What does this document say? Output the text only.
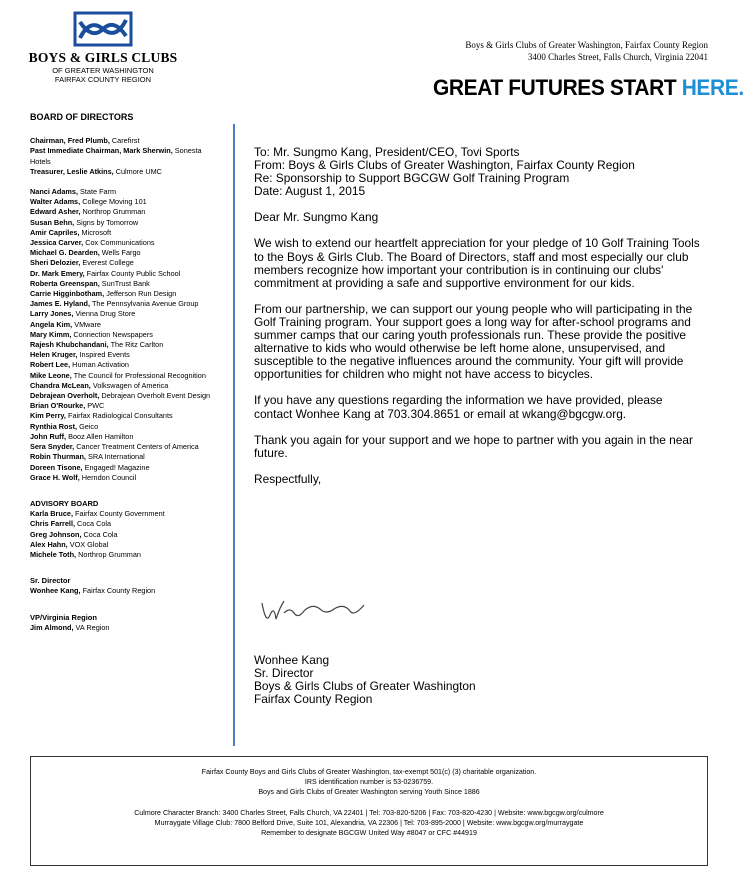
BOYS & GIRLS CLUBS
OF GREATER WASHINGTON
FAIRFAX COUNTY REGION
Boys & Girls Clubs of Greater Washington, Fairfax County Region
3400 Charles Street, Falls Church, Virginia 22041
GREAT FUTURES START HERE.
BOARD OF DIRECTORS
Chairman, Fred Plumb, Carefirst
Past Immediate Chairman, Mark Sherwin, Sonesta Hotels
Treasurer, Leslie Atkins, Culmore UMC
Nanci Adams, State Farm
Walter Adams, College Moving 101
Edward Asher, Northrop Grumman
Susan Behn, Signs by Tomorrow
Amir Capriles, Microsoft
Jessica Carver, Cox Communications
Michael G. Dearden, Wells Fargo
Sheri Delozier, Everest College
Dr. Mark Emery, Fairfax County Public School
Roberta Greenspan, SunTrust Bank
Carrie Higginbotham, Jefferson Run Design
James E. Hyland, The Pennsylvania Avenue Group
Larry Jones, Vienna Drug Store
Angela Kim, VMware
Mary Kimm, Connection Newspapers
Rajesh Khubchandani, The Ritz Carlton
Helen Kruger, Inspired Events
Robert Lee, Human Activation
Mike Leone, The Council for Professional Recognition
Chandra McLean, Volkswagen of America
Debrajean Overholt, Debrajean Overholt Event Design
Brian O'Rourke, PWC
Kim Perry, Fairfax Radiological Consultants
Rynthia Rost, Geico
John Ruff, Booz Allen Hamilton
Sera Snyder, Cancer Treatment Centers of America
Robin Thurman, SRA International
Doreen Tisone, Engaged! Magazine
Grace H. Wolf, Herndon Council
ADVISORY BOARD
Karla Bruce, Fairfax County Government
Chris Farrell, Coca Cola
Greg Johnson, Coca Cola
Alex Hahn, VOX Global
Michele Toth, Northrop Grumman
Sr. Director
Wonhee Kang, Fairfax County Region
VP/Virginia Region
Jim Almond, VA Region
To: Mr. Sungmo Kang, President/CEO, Tovi Sports
From: Boys & Girls Clubs of Greater Washington, Fairfax County Region
Re: Sponsorship to Support BGCGW Golf Training Program
Date: August 1, 2015

Dear Mr. Sungmo Kang

We wish to extend our heartfelt appreciation for your pledge of 10 Golf Training Tools to the Boys & Girls Club. The Board of Directors, staff and most especially our club members recognize how important your contribution is in continuing our clubs' commitment at providing a safe and supportive environment for our kids.

From our partnership, we can support our young people who will participating in the Golf Training program. Your support goes a long way for after-school programs and summer camps that our caring youth professionals run. These provide the positive alternative to kids who would otherwise be left home alone, unsupervised, and susceptible to the negative influences around the community. Your gift will provide opportunities for children who might not have access to bicycles.

If you have any questions regarding the information we have provided, please contact Wonhee Kang at 703.304.8651 or email at wkang@bgcgw.org.

Thank you again for your support and we hope to partner with you again in the near future.

Respectfully,

Wonhee Kang
Sr. Director
Boys & Girls Clubs of Greater Washington
Fairfax County Region
Fairfax County Boys and Girls Clubs of Greater Washington, tax-exempt 501(c) (3) charitable organization.
IRS identification number is 53-0236759.
Boys and Girls Clubs of Greater Washington serving Youth Since 1886
Culmore Character Branch: 3400 Charles Street, Falls Church, VA 22401 | Tel: 703-820-5206 | Fax: 703-820-4230 | Website: www.bgcgw.org/culmore
Murraygate Village Club: 7800 Belford Drive, Suite 101, Alexandria, VA 22306 | Tel: 703-895-2000 | Website: www.bgcgw.org/murraygate
Remember to designate BGCGW United Way #8047 or CFC #44919
